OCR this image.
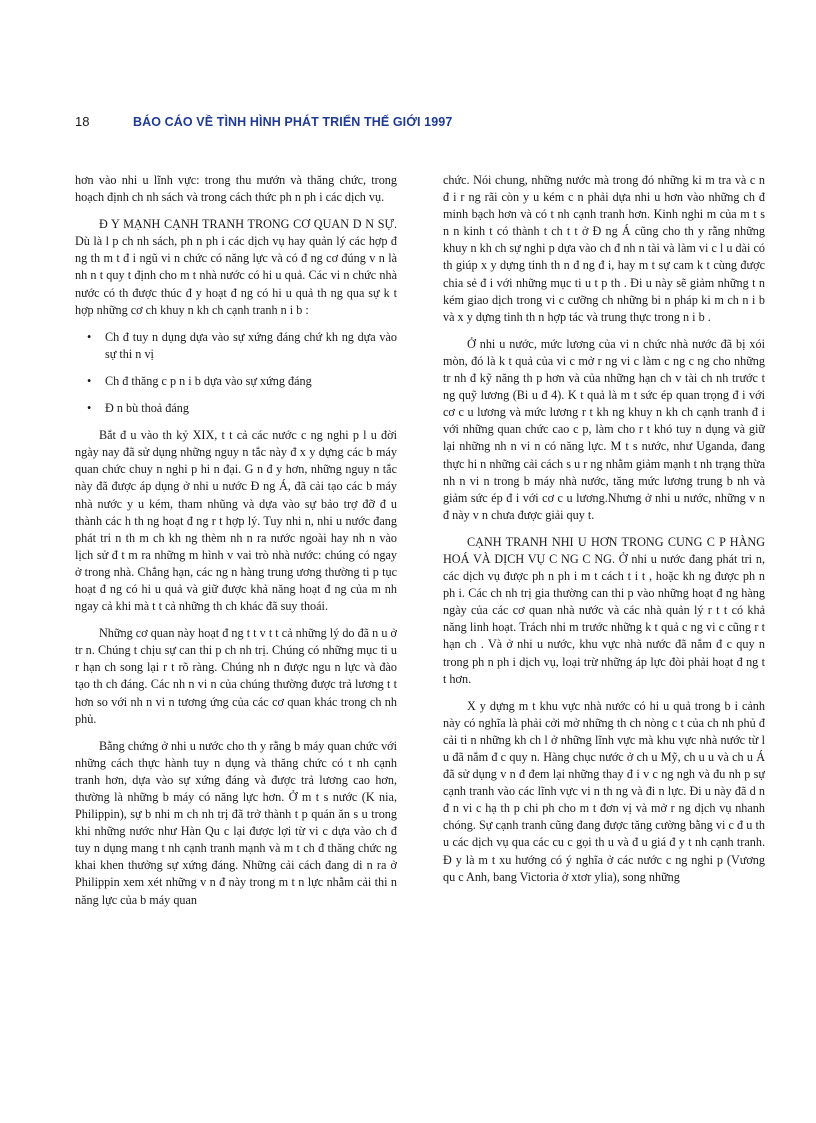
18	BÁO CÁO VỀ TÌNH HÌNH PHÁT TRIỂN THẾ GIỚI 1997

hơn vào nhi u lĩnh vực: trong thu mướn và thăng chức, trong hoạch định ch nh sách và trong cách thức ph n ph i các dịch vụ.

Đ Y MẠNH CẠNH TRANH TRONG CƠ QUAN D N SỰ. Dù là l p ch nh sách, ph n ph i các dịch vụ hay quản lý các hợp đ ng th m t đ i ngũ vi n chức có năng lực và có đ ng cơ đúng v n là nh n t quy t định cho m t nhà nước có hi u quả. Các vi n chức nhà nước có th được thúc đ y hoạt đ ng có hi u quả th ng qua sự k t hợp những cơ ch khuy n kh ch cạnh tranh n i b :

• Ch đ tuy n dụng dựa vào sự xứng đáng chứ kh ng dựa vào sự thi n vị
• Ch đ thăng c p n i b dựa vào sự xứng đáng
• Đ n bù thoả đáng

Bắt đ u vào th kỷ XIX, t t cả các nước c ng nghi p l u đời ngày nay đã sử dụng những nguy n tắc này đ x y dựng các b máy quan chức chuy n nghi p hi n đại. G n đ y hơn, những nguy n tắc này đã được áp dụng ở nhi u nước Đ ng Á, đã cải tạo các b máy nhà nước y u kém, tham nhũng và dựa vào sự bảo trợ đỡ đ u thành các h th ng hoạt đ ng r t hợp lý. Tuy nhi n, nhi u nước đang phát tri n th m ch kh ng thèm nh n ra nước ngoài hay nh n vào lịch sử đ t m ra những m hình v vai trò nhà nước: chúng có ngay ở trong nhà. Chẳng hạn, các ng n hàng trung ương thường ti p tục hoạt đ ng có hi u quả và giữ được khả năng hoạt đ ng của m nh ngay cả khi mà t t cả những th ch khác đã suy thoái.

Những cơ quan này hoạt đ ng t t v t t cả những lý do đã n u ở tr n. Chúng t chịu sự can thi p ch nh trị. Chúng có những mục ti u r hạn ch song lại r t rõ ràng. Chúng nh n được ngu n lực và đào tạo th ch đáng. Các nh n vi n của chúng thường được trả lương t t hơn so với nh n vi n tương ứng của các cơ quan khác trong ch nh phủ.

Bằng chứng ở nhi u nước cho th y rằng b máy quan chức với những cách thực hành tuy n dụng và thăng chức có t nh cạnh tranh hơn, dựa vào sự xứng đáng và được trả lương cao hơn, thường là những b máy có năng lực hơn. Ở m t s nước (K nia, Philippin), sự b nhi m ch nh trị đã trở thành t p quán ăn s u trong khi những nước như Hàn Qu c lại được lợi từ vi c dựa vào ch đ tuy n dụng mang t nh cạnh tranh mạnh và m t ch đ thăng chức ng khai khen thưởng sự xứng đáng. Những cải cách đang di n ra ở Philippin xem xét những v n đ này trong m t n lực nhằm cải thi n năng lực của b máy quan

chức. Nói chung, những nước mà trong đó những ki m tra và c n đ i r ng rãi còn y u kém c n phải dựa nhi u hơn vào những ch đ minh bạch hơn và có t nh cạnh tranh hơn. Kinh nghi m của m t s n n kinh t có thành t ch t t ở Đ ng Á cũng cho th y rằng những khuy n kh ch sự nghi p dựa vào ch đ nh n tài và làm vi c l u dài có th giúp x y dựng tinh th n đ ng đ i, hay m t sự cam k t cùng được chia sẻ đ i với những mục ti u t p th . Đi u này sẽ giảm những t n kém giao dịch trong vi c cưỡng ch những bi n pháp ki m ch n i b và x y dựng tinh th n hợp tác và trung thực trong n i b .

Ở nhi u nước, mức lương của vi n chức nhà nước đã bị xói mòn, đó là k t quả của vi c mở r ng vi c làm c ng c ng cho những tr nh đ kỹ năng th p hơn và của những hạn ch v tài ch nh trước t ng quỹ lương (Bi u đ 4). K t quả là m t sức ép quan trọng đ i với cơ c u lương và mức lương r t kh ng khuy n kh ch cạnh tranh đ i với những quan chức cao c p, làm cho r t khó tuy n dụng và giữ lại những nh n vi n có năng lực. M t s nước, như Uganda, đang thực hi n những cải cách s u r ng nhằm giảm mạnh t nh trạng thừa nh n vi n trong b máy nhà nước, tăng mức lương trung b nh và giảm sức ép đ i với cơ c u lương.Nhưng ở nhi u nước, những v n đ này v n chưa được giải quy t.

CẠNH TRANH NHI U HƠN TRONG CUNG C P HÀNG HOÁ VÀ DỊCH VỤ C NG C NG. Ở nhi u nước đang phát tri n, các dịch vụ được ph n ph i m t cách t i t , hoặc kh ng được ph n ph i. Các ch nh trị gia thường can thi p vào những hoạt đ ng hàng ngày của các cơ quan nhà nước và các nhà quản lý r t t có khả năng linh hoạt. Trách nhi m trước những k t quả c ng vi c cũng r t hạn ch . Và ở nhi u nước, khu vực nhà nước đã nắm đ c quy n trong ph n ph i dịch vụ, loại trừ những áp lực đòi phải hoạt đ ng t t hơn.

X y dựng m t khu vực nhà nước có hi u quả trong b i cảnh này có nghĩa là phải cởi mở những th ch nòng c t của ch nh phủ đ cải ti n những kh ch l ở những lĩnh vực mà khu vực nhà nước từ l u đã nắm đ c quy n. Hàng chục nước ở ch u Mỹ, ch u u và ch u Á đã sử dụng v n đ đem lại những thay đ i v c ng ngh và đu nh p sự cạnh tranh vào các lĩnh vực vi n th ng và đi n lực. Đi u này đã d n đ n vi c hạ th p chi ph cho m t đơn vị và mở r ng dịch vụ nhanh chóng. Sự cạnh tranh cũng đang được tăng cường bằng vi c đ u th u các dịch vụ qua các cu c gọi th u và đ u giá đ y t nh cạnh tranh. Đ y là m t xu hướng có ý nghĩa ở các nước c ng nghi p (Vương qu c Anh, bang Victoria ở xtơr ylia), song những
